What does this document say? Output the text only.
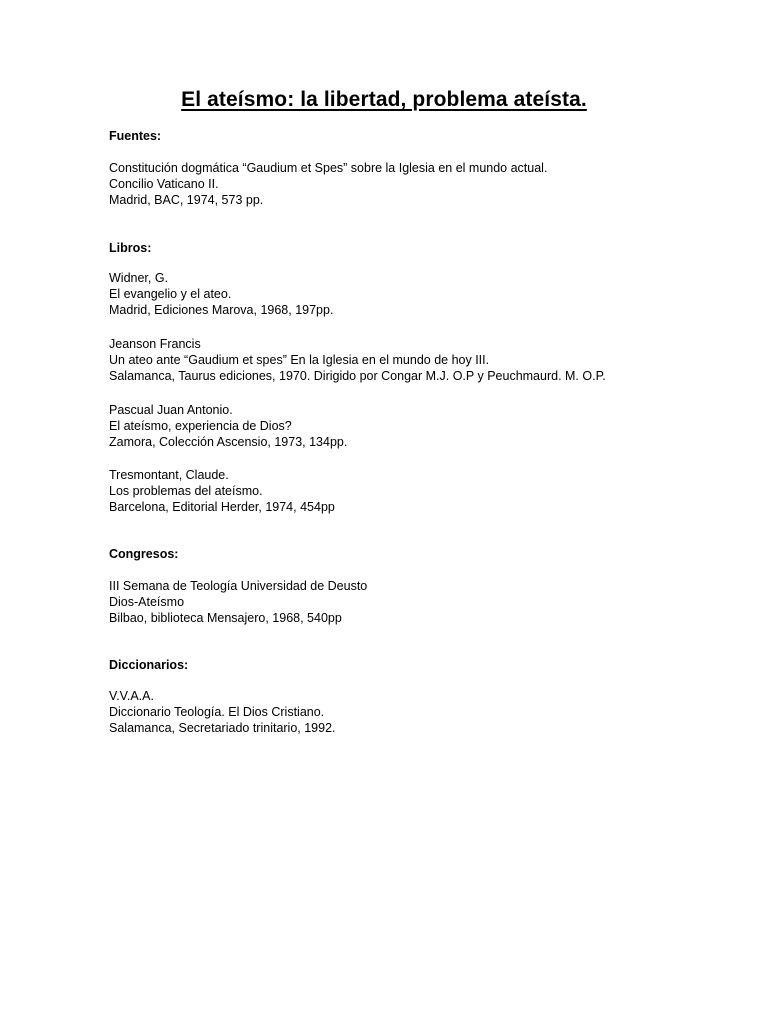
El ateísmo: la libertad, problema ateísta.
Fuentes:
Constitución dogmática “Gaudium et Spes” sobre la Iglesia en el mundo actual.
Concilio Vaticano II.
Madrid, BAC, 1974, 573 pp.
Libros:
Widner, G.
El evangelio y el ateo.
Madrid, Ediciones Marova, 1968, 197pp.
Jeanson Francis
Un ateo ante “Gaudium et spes” En la Iglesia en el mundo de hoy III.
Salamanca, Taurus ediciones, 1970. Dirigido por Congar M.J. O.P y Peuchmaurd. M. O.P.
Pascual Juan Antonio.
El ateísmo, experiencia de Dios?
Zamora, Colección Ascensio, 1973, 134pp.
Tresmontant, Claude.
Los problemas del ateísmo.
Barcelona, Editorial Herder, 1974, 454pp
Congresos:
III Semana de Teología Universidad de Deusto
Dios-Ateísmo
Bilbao, biblioteca Mensajero, 1968, 540pp
Diccionarios:
V.V.A.A.
Diccionario Teología. El Dios Cristiano.
Salamanca, Secretariado trinitario, 1992.
